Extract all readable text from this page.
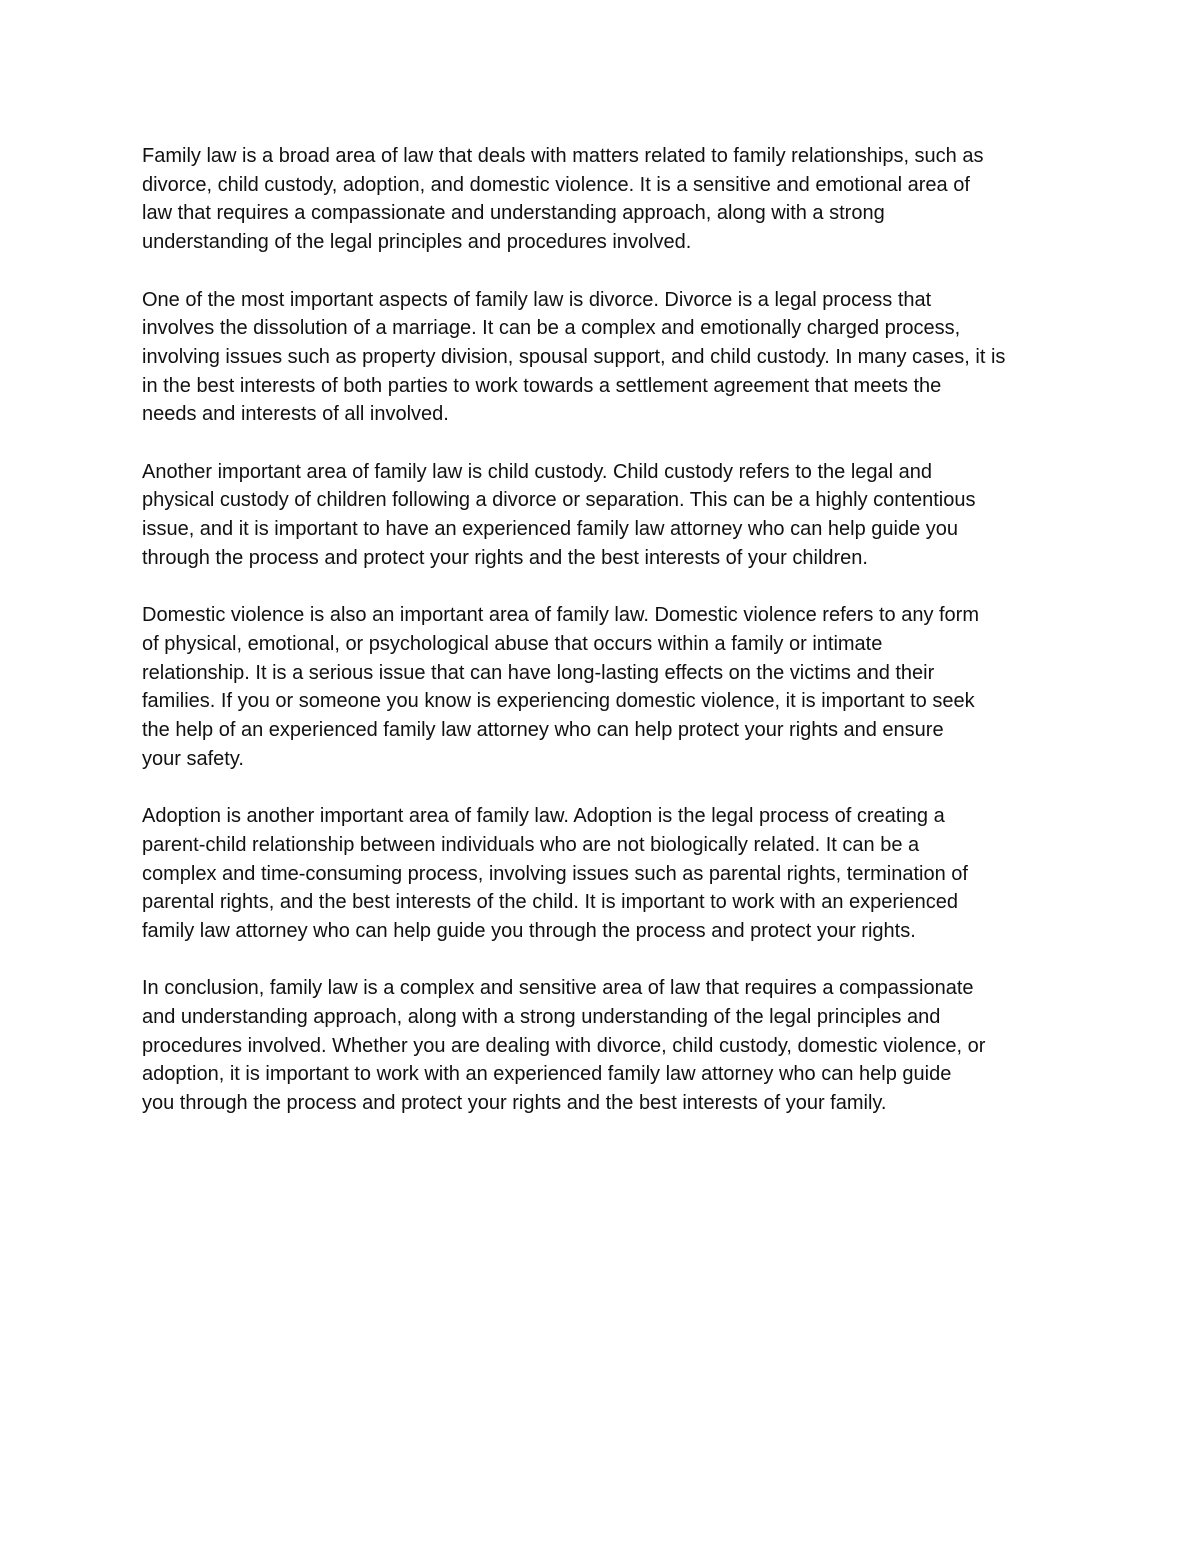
Family law is a broad area of law that deals with matters related to family relationships, such as
divorce, child custody, adoption, and domestic violence. It is a sensitive and emotional area of
law that requires a compassionate and understanding approach, along with a strong
understanding of the legal principles and procedures involved.

One of the most important aspects of family law is divorce. Divorce is a legal process that
involves the dissolution of a marriage. It can be a complex and emotionally charged process,
involving issues such as property division, spousal support, and child custody. In many cases, it is
in the best interests of both parties to work towards a settlement agreement that meets the
needs and interests of all involved.

Another important area of family law is child custody. Child custody refers to the legal and
physical custody of children following a divorce or separation. This can be a highly contentious
issue, and it is important to have an experienced family law attorney who can help guide you
through the process and protect your rights and the best interests of your children.

Domestic violence is also an important area of family law. Domestic violence refers to any form
of physical, emotional, or psychological abuse that occurs within a family or intimate
relationship. It is a serious issue that can have long-lasting effects on the victims and their
families. If you or someone you know is experiencing domestic violence, it is important to seek
the help of an experienced family law attorney who can help protect your rights and ensure
your safety.

Adoption is another important area of family law. Adoption is the legal process of creating a
parent-child relationship between individuals who are not biologically related. It can be a
complex and time-consuming process, involving issues such as parental rights, termination of
parental rights, and the best interests of the child. It is important to work with an experienced
family law attorney who can help guide you through the process and protect your rights.

In conclusion, family law is a complex and sensitive area of law that requires a compassionate
and understanding approach, along with a strong understanding of the legal principles and
procedures involved. Whether you are dealing with divorce, child custody, domestic violence, or
adoption, it is important to work with an experienced family law attorney who can help guide
you through the process and protect your rights and the best interests of your family.
